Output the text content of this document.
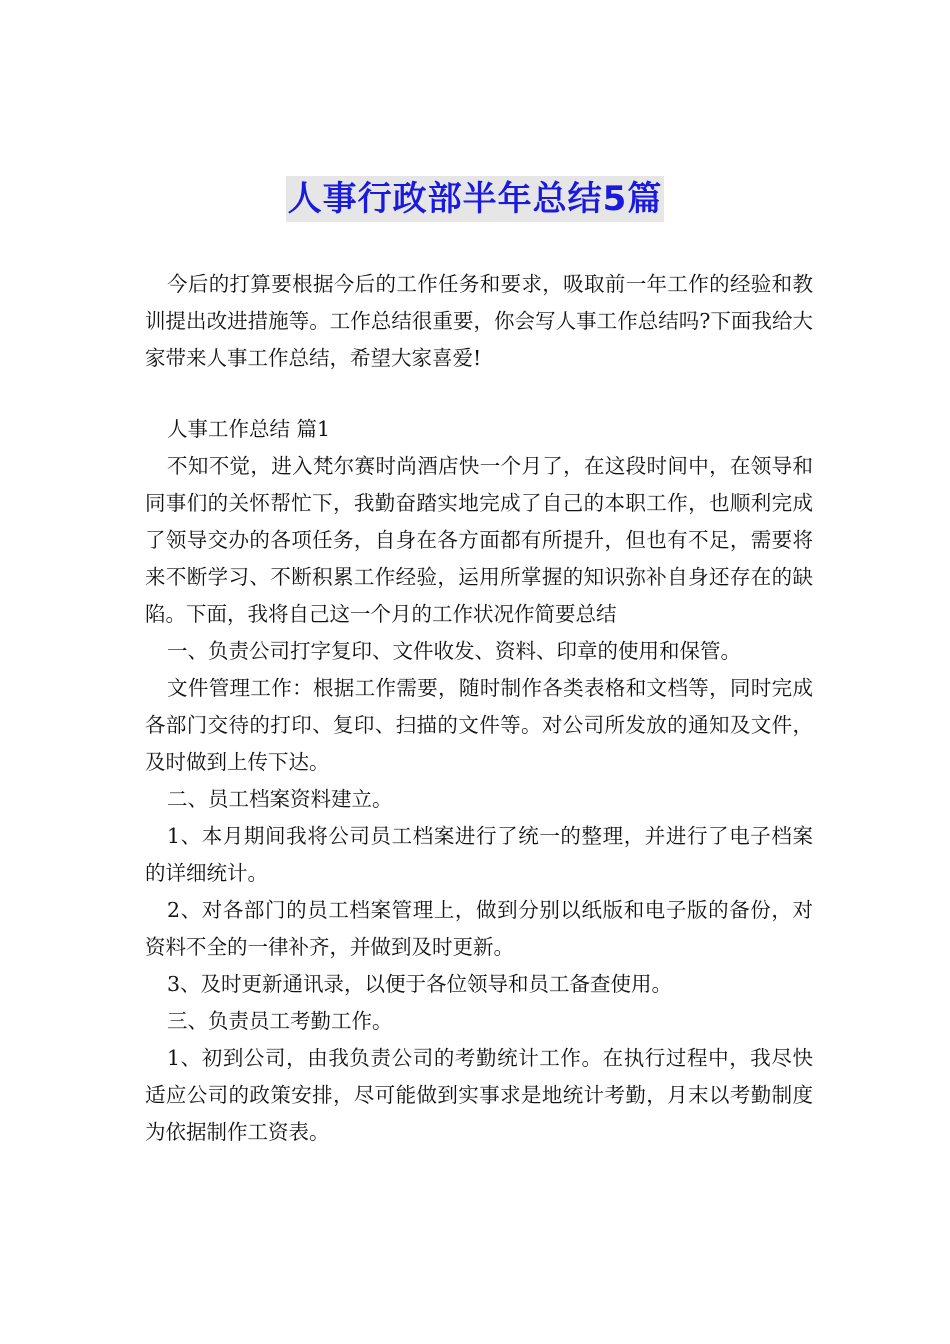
人事行政部半年总结5篇

今后的打算要根据今后的工作任务和要求，吸取前一年工作的经验和教训提出改进措施等。工作总结很重要，你会写人事工作总结吗?下面我给大家带来人事工作总结，希望大家喜爱!

人事工作总结 篇1

不知不觉，进入梵尔赛时尚酒店快一个月了，在这段时间中，在领导和同事们的关怀帮忙下，我勤奋踏实地完成了自己的本职工作，也顺利完成了领导交办的各项任务，自身在各方面都有所提升，但也有不足，需要将来不断学习、不断积累工作经验，运用所掌握的知识弥补自身还存在的缺陷。下面，我将自己这一个月的工作状况作简要总结

一、负责公司打字复印、文件收发、资料、印章的使用和保管。

文件管理工作：根据工作需要，随时制作各类表格和文档等，同时完成各部门交待的打印、复印、扫描的文件等。对公司所发放的通知及文件，及时做到上传下达。

二、员工档案资料建立。

1、本月期间我将公司员工档案进行了统一的整理，并进行了电子档案的详细统计。

2、对各部门的员工档案管理上，做到分别以纸版和电子版的备份，对资料不全的一律补齐，并做到及时更新。

3、及时更新通讯录，以便于各位领导和员工备查使用。

三、负责员工考勤工作。

1、初到公司，由我负责公司的考勤统计工作。在执行过程中，我尽快适应公司的政策安排，尽可能做到实事求是地统计考勤，月末以考勤制度为依据制作工资表。
